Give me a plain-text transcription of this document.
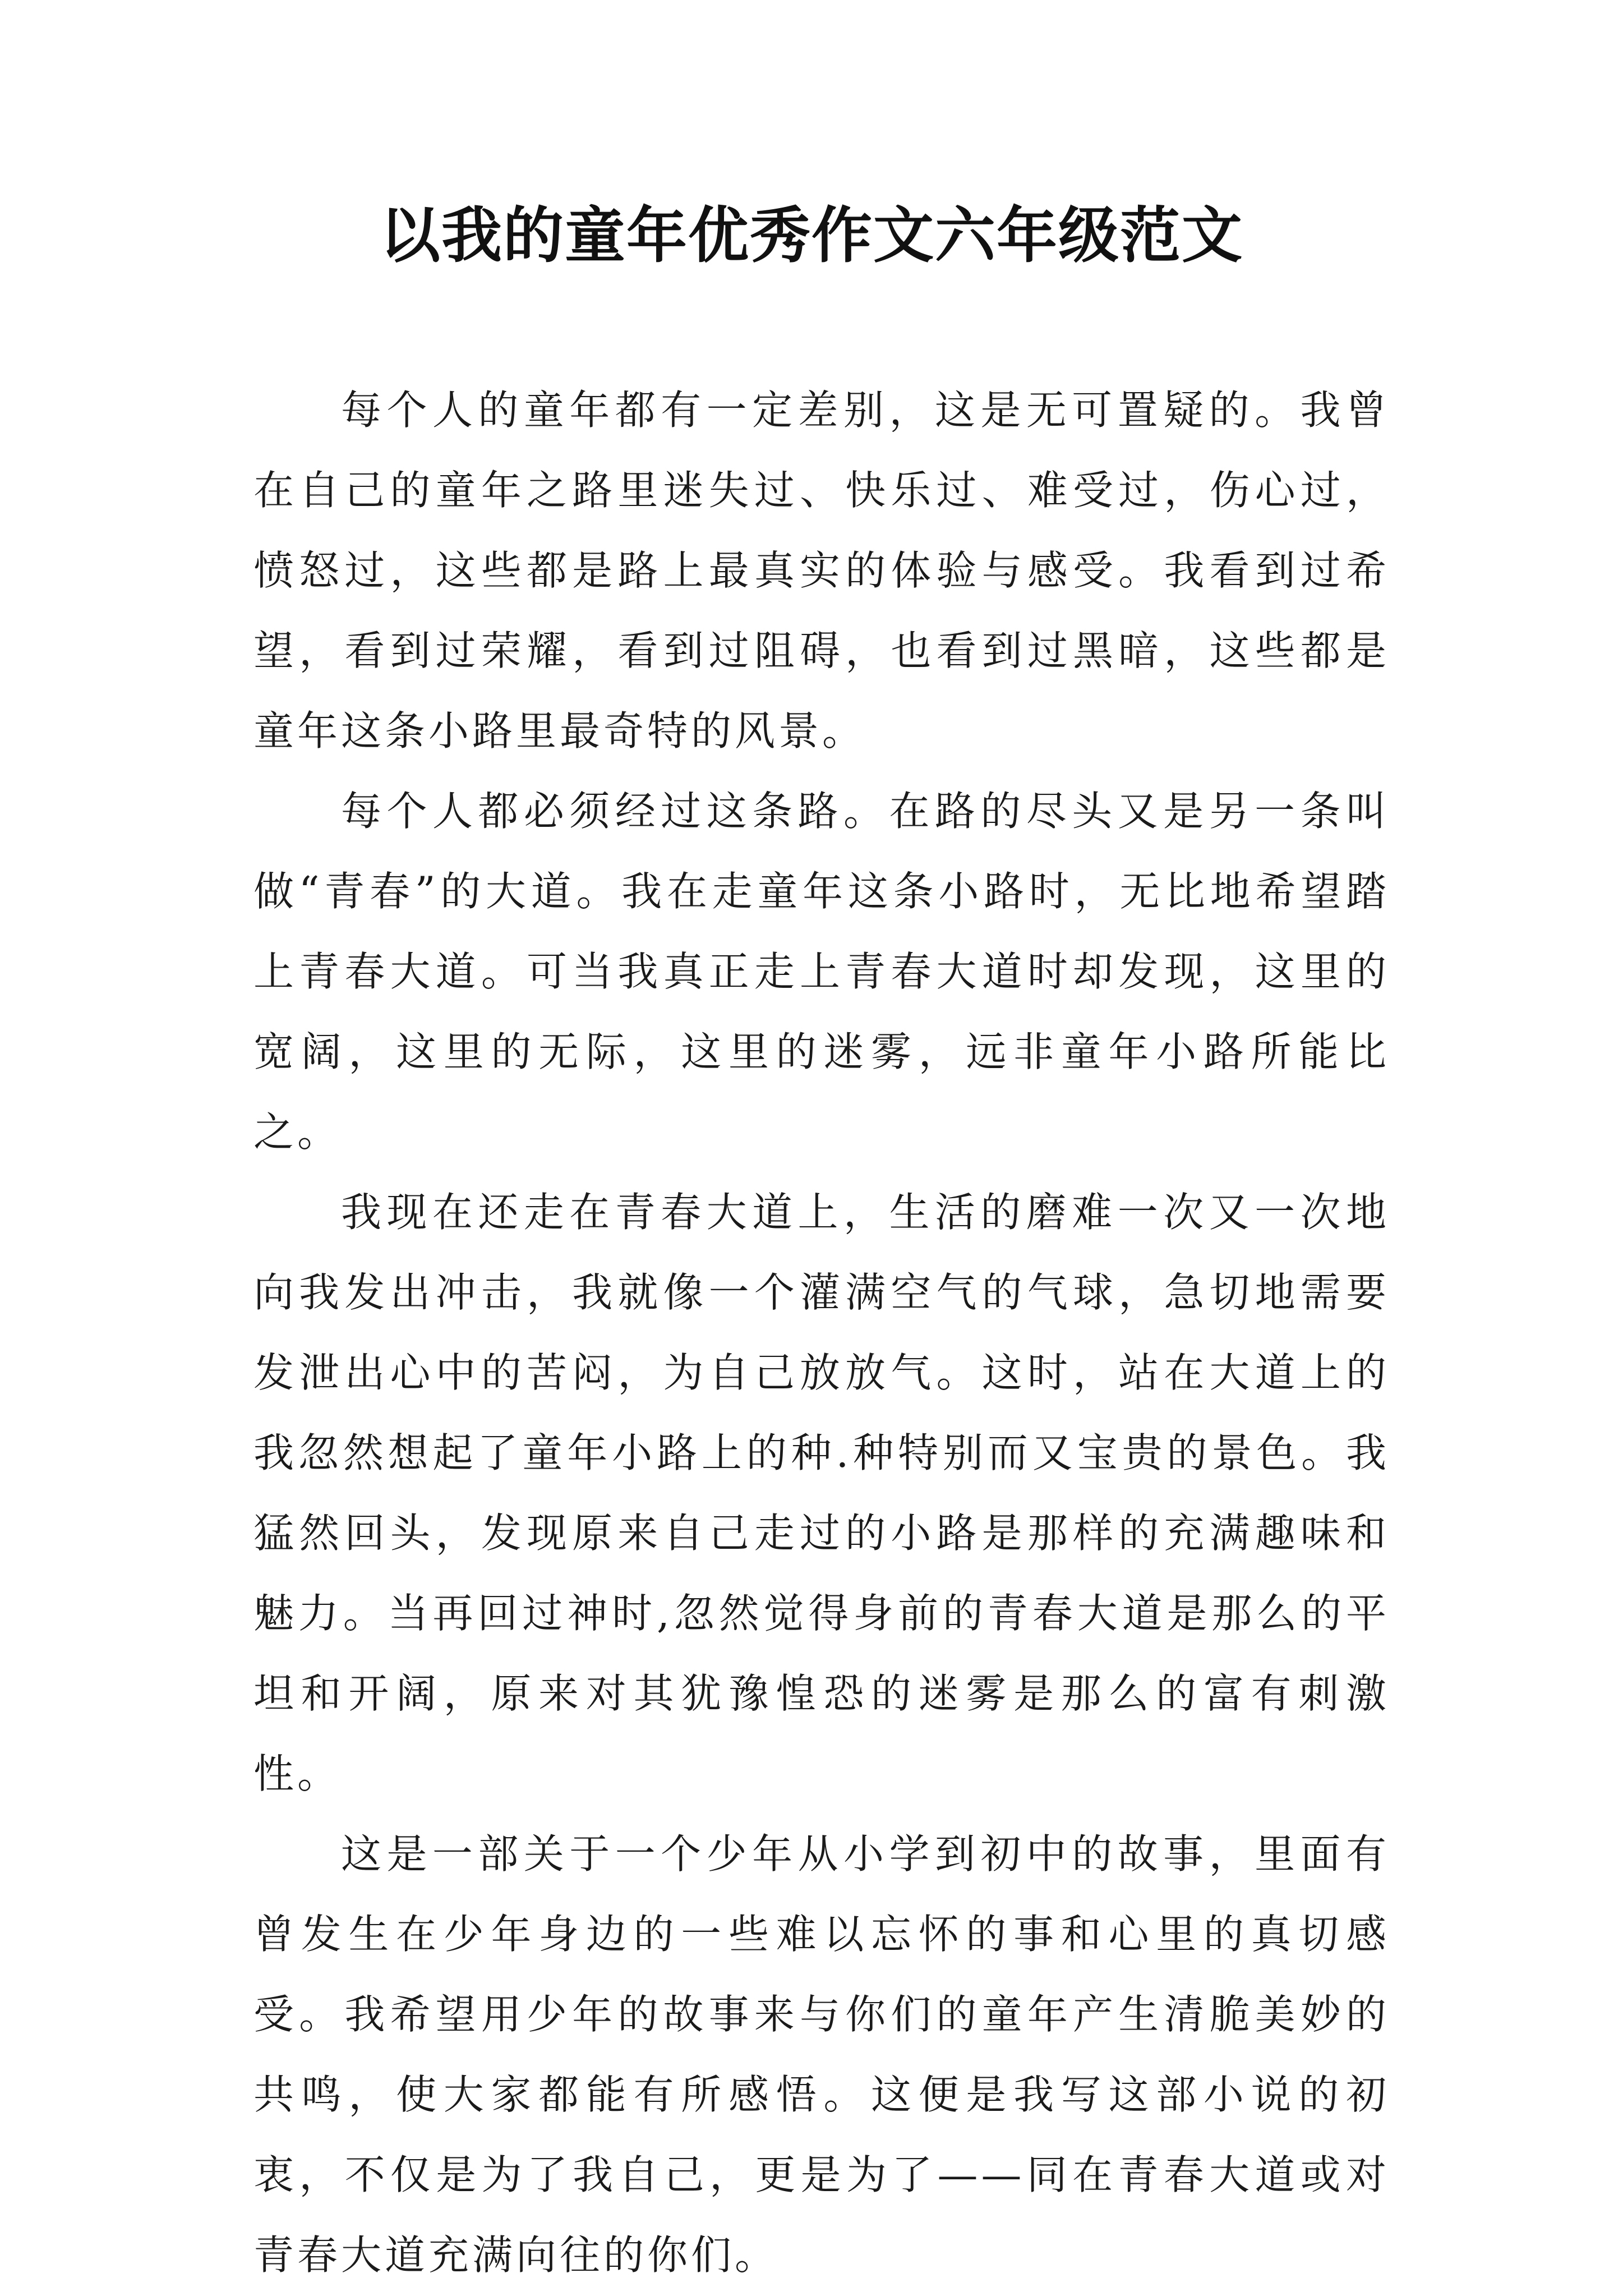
以我的童年优秀作文六年级范文

每个人的童年都有一定差别，这是无可置疑的。我曾在自己的童年之路里迷失过、快乐过、难受过，伤心过，愤怒过，这些都是路上最真实的体验与感受。我看到过希望，看到过荣耀，看到过阻碍，也看到过黑暗，这些都是童年这条小路里最奇特的风景。

每个人都必须经过这条路。在路的尽头又是另一条叫做“青春”的大道。我在走童年这条小路时，无比地希望踏上青春大道。可当我真正走上青春大道时却发现，这里的宽阔，这里的无际，这里的迷雾，远非童年小路所能比之。

我现在还走在青春大道上，生活的磨难一次又一次地向我发出冲击，我就像一个灌满空气的气球，急切地需要发泄出心中的苦闷，为自己放放气。这时，站在大道上的我忽然想起了童年小路上的种.种特别而又宝贵的景色。我猛然回头，发现原来自己走过的小路是那样的充满趣味和魅力。当再回过神时,忽然觉得身前的青春大道是那么的平坦和开阔，原来对其犹豫惶恐的迷雾是那么的富有刺激性。

这是一部关于一个少年从小学到初中的故事，里面有曾发生在少年身边的一些难以忘怀的事和心里的真切感受。我希望用少年的故事来与你们的童年产生清脆美妙的共鸣，使大家都能有所感悟。这便是我写这部小说的初衷，不仅是为了我自己，更是为了——同在青春大道或对青春大道充满向往的你们。
